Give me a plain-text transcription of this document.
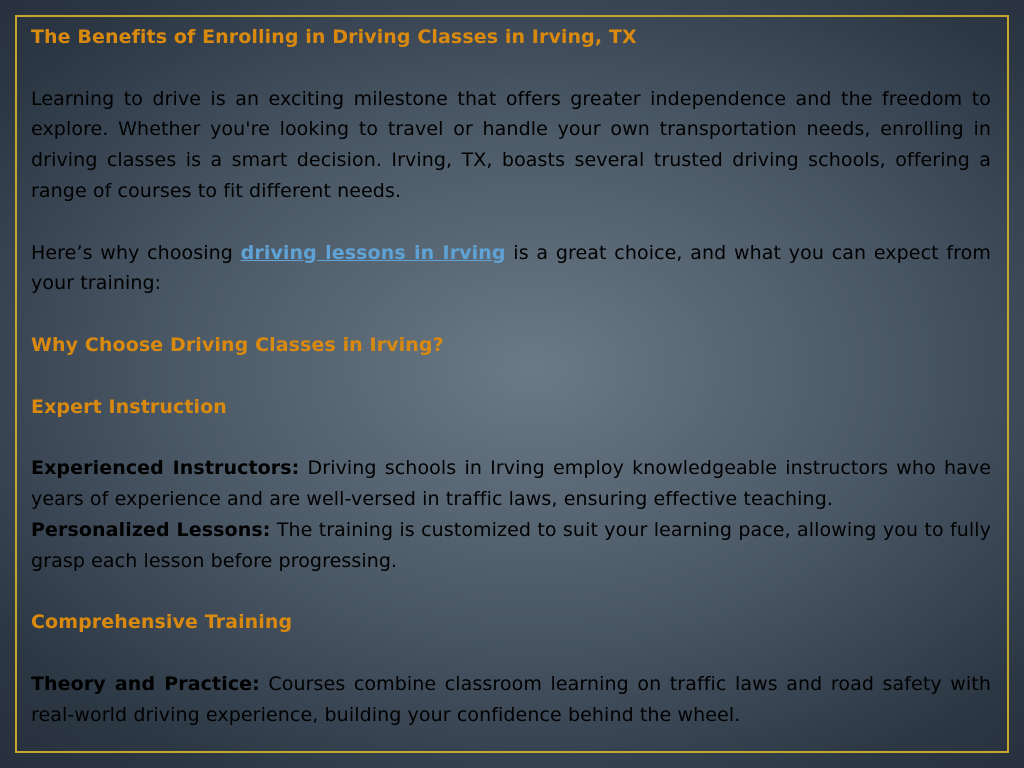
The Benefits of Enrolling in Driving Classes in Irving, TX

Learning to drive is an exciting milestone that offers greater independence and the freedom to explore. Whether you're looking to travel or handle your own transportation needs, enrolling in driving classes is a smart decision. Irving, TX, boasts several trusted driving schools, offering a range of courses to fit different needs.

Here’s why choosing driving lessons in Irving is a great choice, and what you can expect from your training:

Why Choose Driving Classes in Irving?

Expert Instruction

Experienced Instructors: Driving schools in Irving employ knowledgeable instructors who have years of experience and are well-versed in traffic laws, ensuring effective teaching.

Personalized Lessons: The training is customized to suit your learning pace, allowing you to fully grasp each lesson before progressing.

Comprehensive Training

Theory and Practice: Courses combine classroom learning on traffic laws and road safety with real-world driving experience, building your confidence behind the wheel.
